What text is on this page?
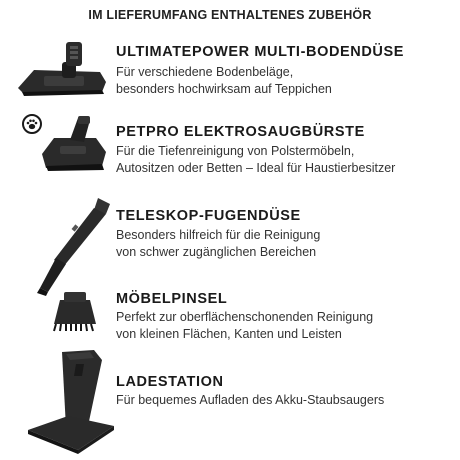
IM LIEFERUMFANG ENTHALTENES ZUBEHÖR
ULTIMATEPOWER MULTI-BODENDÜSE
Für verschiedene Bodenbeläge,
besonders hochwirksam auf Teppichen
PETPRO ELEKTROSAUGBÜRSTE
Für die Tiefenreinigung von Polstermöbeln,
Autositzen oder Betten – Ideal für Haustierbesitzer
TELESKOP-FUGENDÜSE
Besonders hilfreich für die Reinigung
von schwer zugänglichen Bereichen
MÖBELPINSEL
Perfekt zur oberflächenschonenden Reinigung
von kleinen Flächen, Kanten und Leisten
LADESTATION
Für bequemes Aufladen des Akku-Staubsaugers
